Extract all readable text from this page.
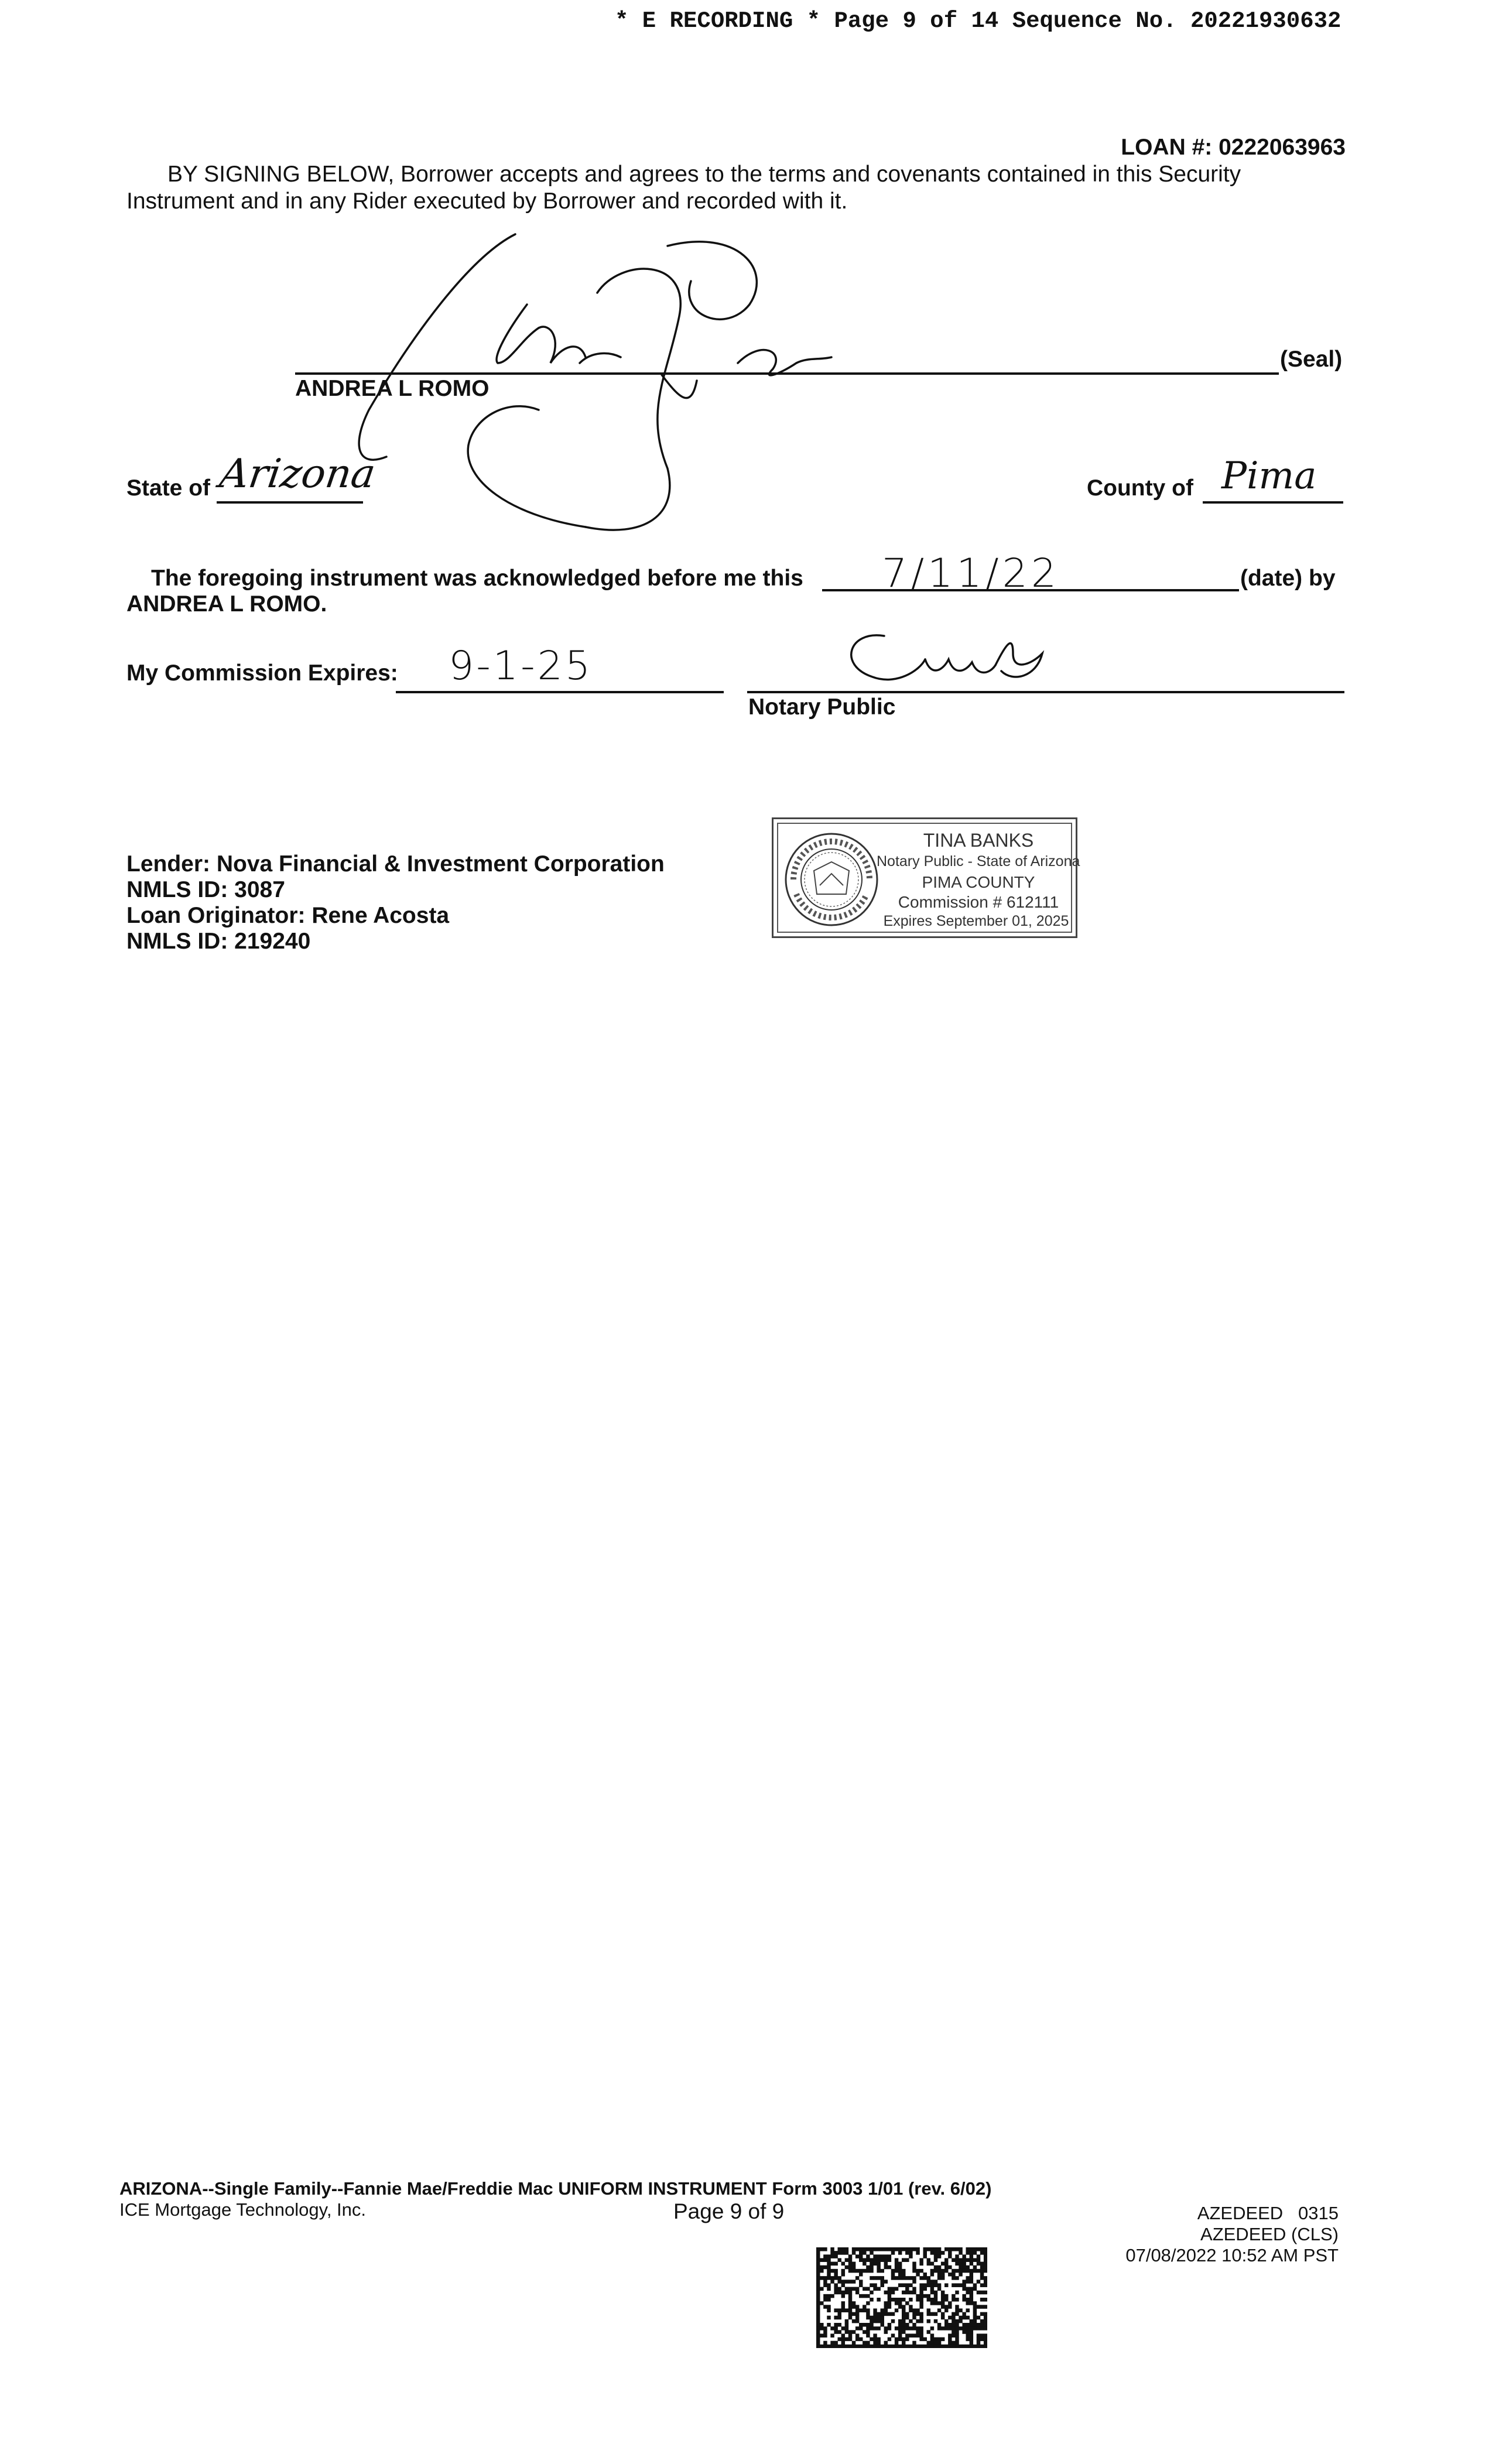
* E RECORDING * Page 9 of 14 Sequence No. 20221930632
LOAN #: 0222063963
BY SIGNING BELOW, Borrower accepts and agrees to the terms and covenants contained in this Security
Instrument and in any Rider executed by Borrower and recorded with it.
(Seal)
ANDREA L ROMO
State of Arizona	County of Pima
The foregoing instrument was acknowledged before me this 7/11/22	(date) by
ANDREA L ROMO.
My Commission Expires: 9-1-25
Notary Public
Lender: Nova Financial & Investment Corporation
NMLS ID: 3087
Loan Originator: Rene Acosta
NMLS ID: 219240
TINA BANKS
Notary Public - State of Arizona
PIMA COUNTY
Commission # 612111
Expires September 01, 2025
ARIZONA--Single Family--Fannie Mae/Freddie Mac UNIFORM INSTRUMENT Form 3003 1/01 (rev. 6/02)
ICE Mortgage Technology, Inc.	Page 9 of 9	AZEDEED   0315
AZEDEED (CLS)
07/08/2022 10:52 AM PST
